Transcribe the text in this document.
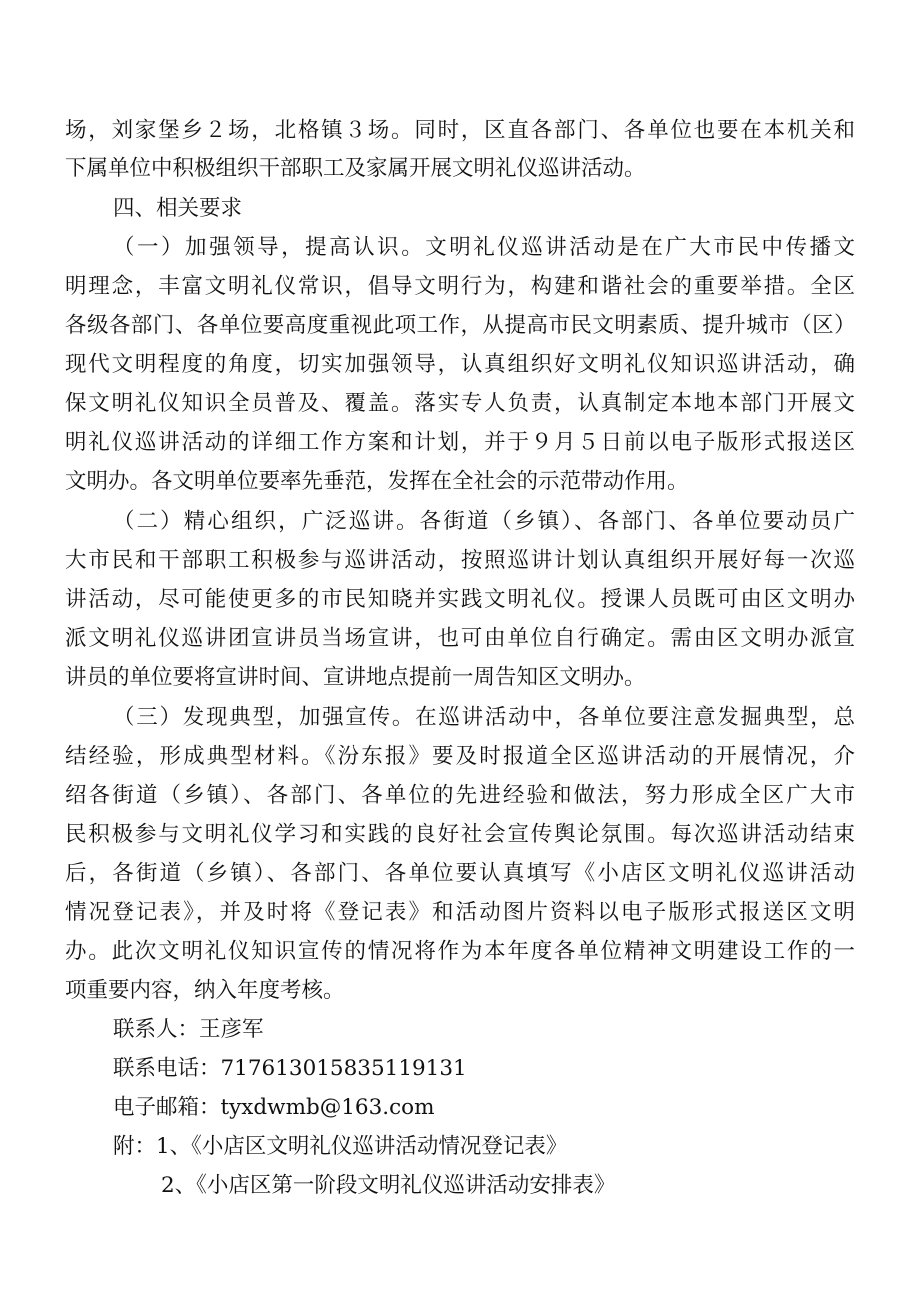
场，刘家堡乡２场，北格镇３场。同时，区直各部门、各单位也要在本机关和
下属单位中积极组织干部职工及家属开展文明礼仪巡讲活动。
四、相关要求
（一）加强领导，提高认识。文明礼仪巡讲活动是在广大市民中传播文
明理念，丰富文明礼仪常识，倡导文明行为，构建和谐社会的重要举措。全区
各级各部门、各单位要高度重视此项工作，从提高市民文明素质、提升城市（区）
现代文明程度的角度，切实加强领导，认真组织好文明礼仪知识巡讲活动，确
保文明礼仪知识全员普及、覆盖。落实专人负责，认真制定本地本部门开展文
明礼仪巡讲活动的详细工作方案和计划，并于９月５日前以电子版形式报送区
文明办。各文明单位要率先垂范，发挥在全社会的示范带动作用。
（二）精心组织，广泛巡讲。各街道（乡镇）、各部门、各单位要动员广
大市民和干部职工积极参与巡讲活动，按照巡讲计划认真组织开展好每一次巡
讲活动，尽可能使更多的市民知晓并实践文明礼仪。授课人员既可由区文明办
派文明礼仪巡讲团宣讲员当场宣讲，也可由单位自行确定。需由区文明办派宣
讲员的单位要将宣讲时间、宣讲地点提前一周告知区文明办。
（三）发现典型，加强宣传。在巡讲活动中，各单位要注意发掘典型，总
结经验，形成典型材料。《汾东报》要及时报道全区巡讲活动的开展情况，介
绍各街道（乡镇）、各部门、各单位的先进经验和做法，努力形成全区广大市
民积极参与文明礼仪学习和实践的良好社会宣传舆论氛围。每次巡讲活动结束
后，各街道（乡镇）、各部门、各单位要认真填写《小店区文明礼仪巡讲活动
情况登记表》，并及时将《登记表》和活动图片资料以电子版形式报送区文明
办。此次文明礼仪知识宣传的情况将作为本年度各单位精神文明建设工作的一
项重要内容，纳入年度考核。
联系人：王彦军
联系电话：717613015835119131
电子邮箱：tyxdwmb@163.com
附：1、《小店区文明礼仪巡讲活动情况登记表》
2、《小店区第一阶段文明礼仪巡讲活动安排表》
